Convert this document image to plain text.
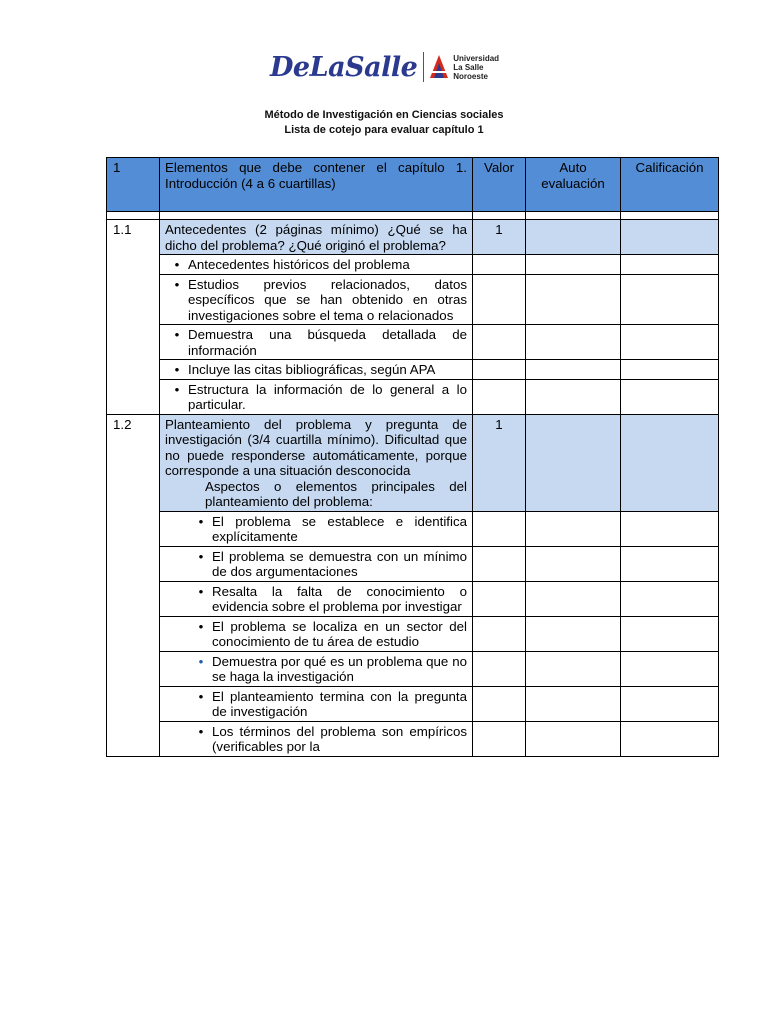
DeLaSalle	Universidad
La Salle
Noroeste
Método de Investigación en Ciencias sociales
Lista de cotejo para evaluar capítulo 1
1	Elementos que debe contener el capítulo 1. Introducción (4 a 6 cuartillas)	Valor	Auto evaluación	Calificación

1.1	Antecedentes (2 páginas mínimo) ¿Qué se ha dicho del problema? ¿Qué originó el problema?	1		

	• Antecedentes históricos del problema			

	• Estudios previos relacionados, datos específicos que se han obtenido en otras investigaciones sobre el tema o relacionados			

	• Demuestra una búsqueda detallada de información			

	• Incluye las citas bibliográficas, según APA			

	• Estructura la información de lo general a lo particular.			

1.2	Planteamiento del problema y pregunta de investigación (3/4 cuartilla mínimo). Dificultad que no puede responderse automáticamente, porque corresponde a una situación desconocida
Aspectos o elementos principales del planteamiento del problema:	1		

	• El problema se establece e identifica explícitamente			

	• El problema se demuestra con un mínimo de dos argumentaciones			

	• Resalta la falta de conocimiento o evidencia sobre el problema por investigar			

	• El problema se localiza en un sector del conocimiento de tu área de estudio			

	• Demuestra por qué es un problema que no se haga la investigación			

	• El planteamiento termina con la pregunta de investigación			

	• Los términos del problema son empíricos (verificables por la			
